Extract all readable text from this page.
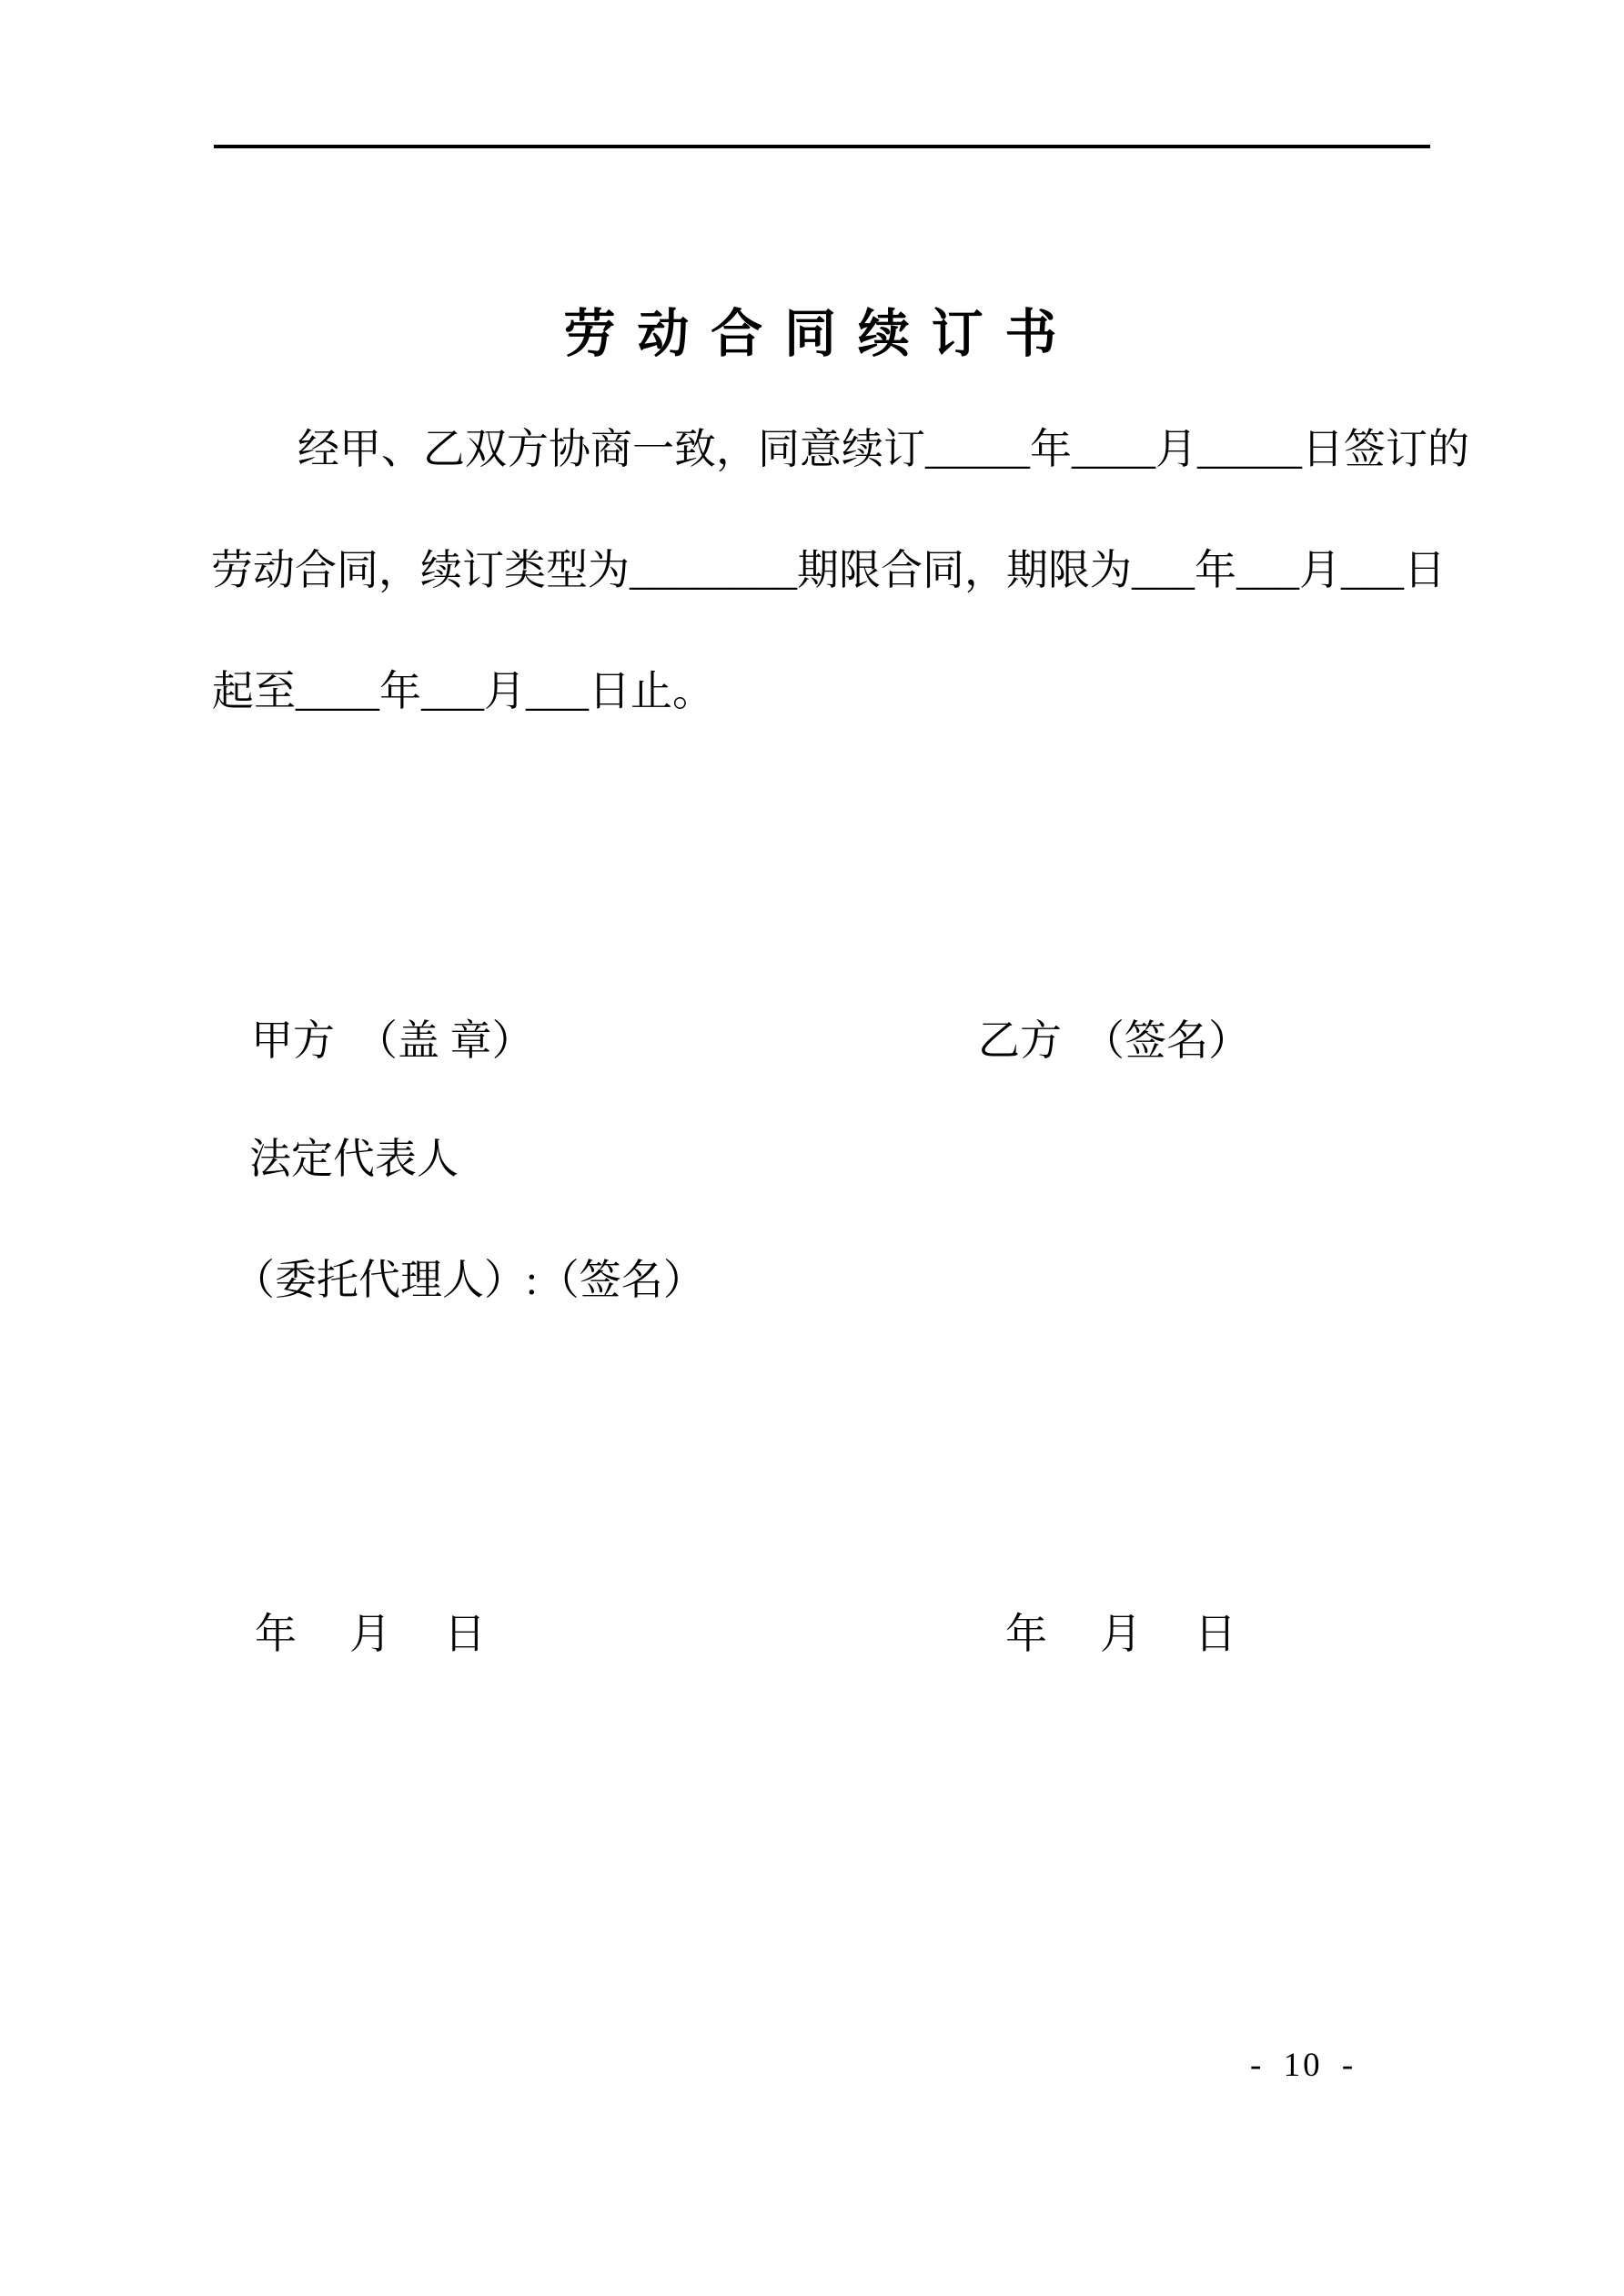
劳 动 合 同 续 订 书

经甲、乙双方协商一致，同意续订_____年____月_____日签订的

劳动合同，续订类型为________期限合同，期限为___年___月___日

起至____年___月___日止。

甲方　（盖 章）	乙方　（签名）
法定代表人
（委托代理人）:（签名）
年　月　日	年　月　日
- 10 -
